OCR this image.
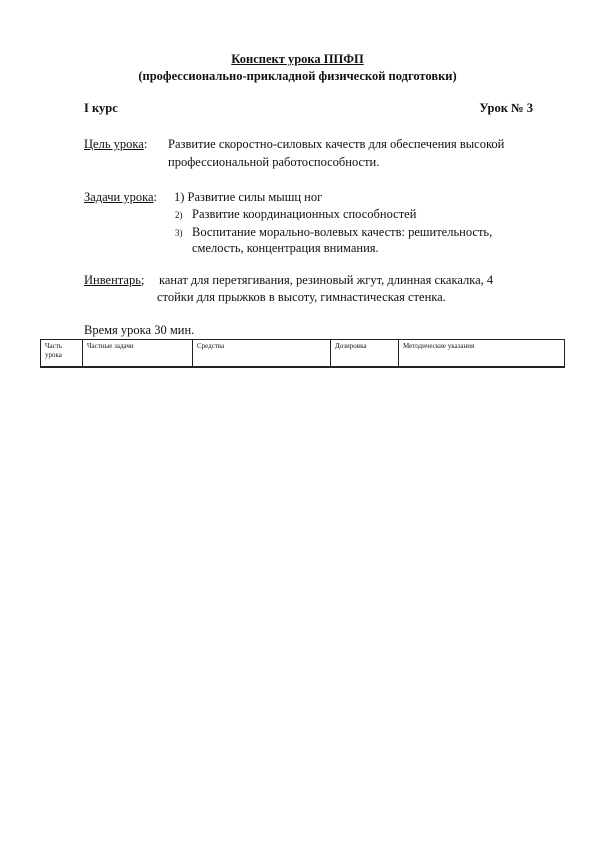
Конспект урока ППФП
(профессионально-прикладной физической подготовки)
I курс	Урок № 3
Цель урока: Развитие скоростно-силовых качеств для обеспечения высокой
профессиональной работоспособности.
Задачи урока: 1) Развитие силы мышц ног
2) Развитие координационных способностей
3) Воспитание морально-волевых качеств: решительность,
смелость, концентрация внимания.
Инвентарь; канат для перетягивания, резиновый жгут, длинная скакалка, 4
стойки для прыжков в высоту, гимнастическая стенка.
Время урока 30 мин.
Часть урока	Частные задачи	Средства	Дозировка	Методические указания
